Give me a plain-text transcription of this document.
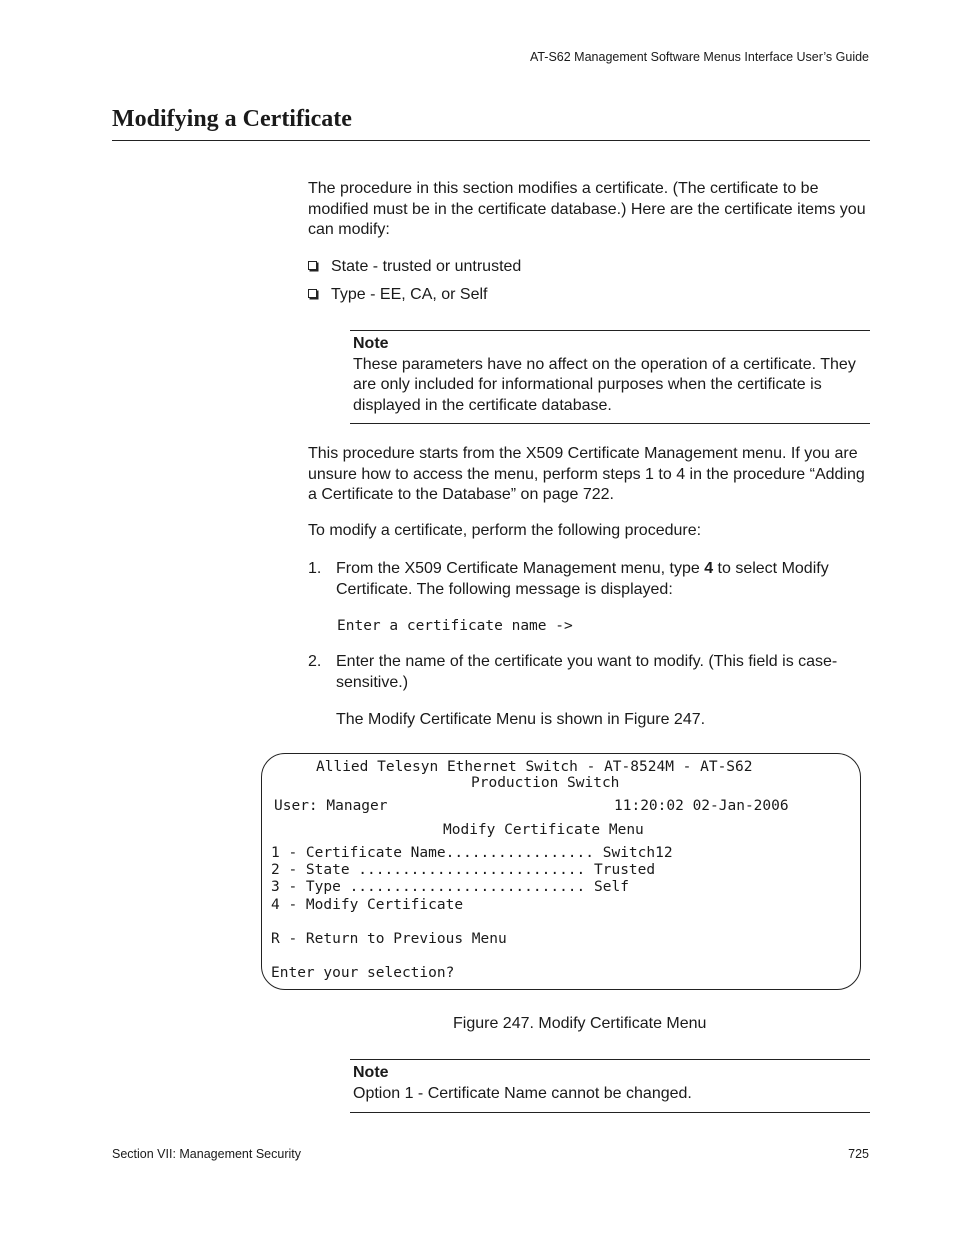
AT-S62 Management Software Menus Interface User’s Guide
Modifying a Certificate
The procedure in this section modifies a certificate. (The certificate to be modified must be in the certificate database.) Here are the certificate items you can modify:
State - trusted or untrusted
Type - EE, CA, or Self
Note
These parameters have no affect on the operation of a certificate. They are only included for informational purposes when the certificate is displayed in the certificate database.
This procedure starts from the X509 Certificate Management menu. If you are unsure how to access the menu, perform steps 1 to 4 in the procedure “Adding a Certificate to the Database” on page 722.
To modify a certificate, perform the following procedure:
1. From the X509 Certificate Management menu, type 4 to select Modify Certificate. The following message is displayed:
Enter a certificate name ->
2. Enter the name of the certificate you want to modify. (This field is case-sensitive.)
The Modify Certificate Menu is shown in Figure 247.
Allied Telesyn Ethernet Switch - AT-8524M - AT-S62
Production Switch
User: Manager	11:20:02 02-Jan-2006
Modify Certificate Menu
1 - Certificate Name................. Switch12
2 - State .......................... Trusted
3 - Type ........................... Self
4 - Modify Certificate
R - Return to Previous Menu
Enter your selection?
Figure 247. Modify Certificate Menu
Note
Option 1 - Certificate Name cannot be changed.
Section VII: Management Security	725
